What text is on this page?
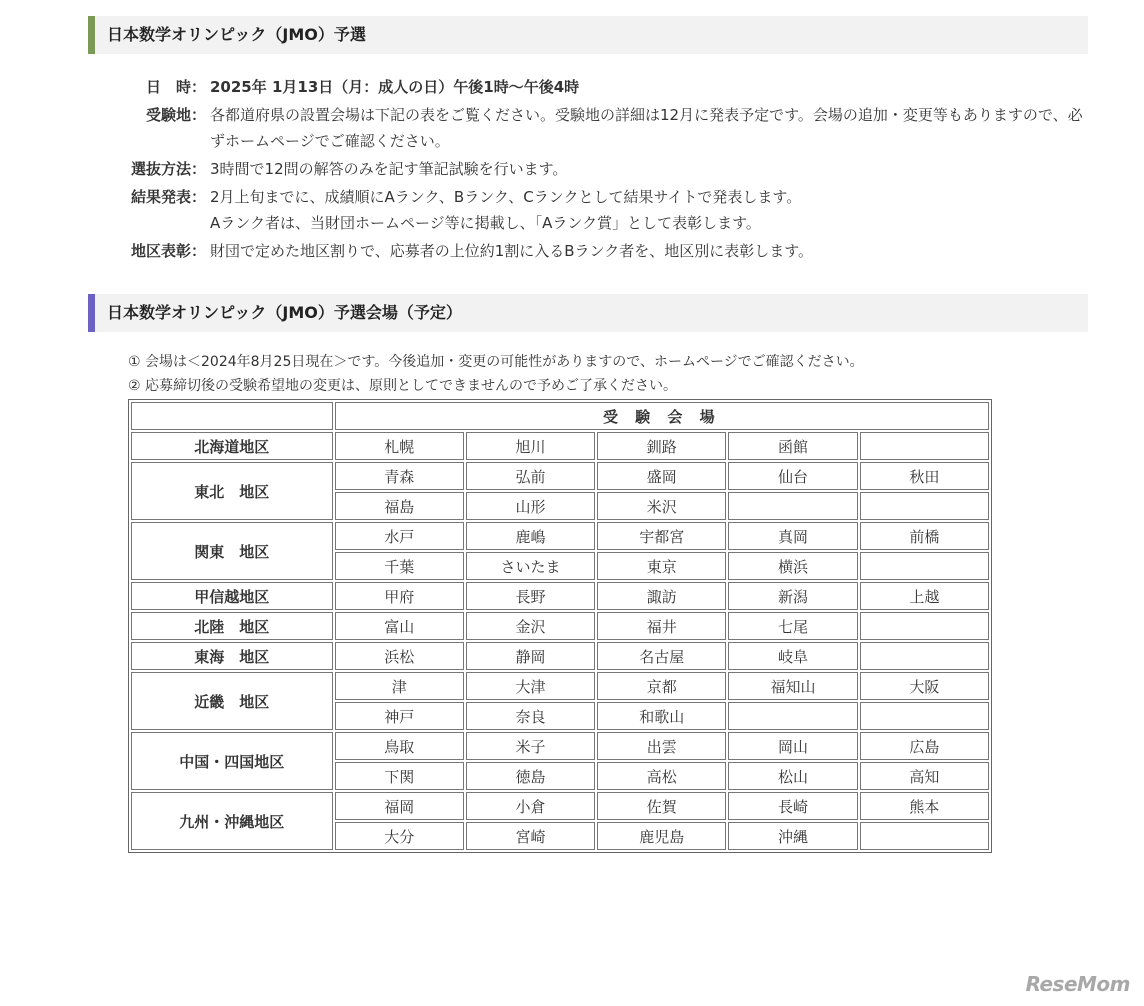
日本数学オリンピック（JMO）予選
日　時： 2025年 1月13日（月：成人の日）午後1時〜午後4時
受験地： 各都道府県の設置会場は下記の表をご覧ください。受験地の詳細は12月に発表予定です。会場の追加・変更等もありますので、必ずホームページでご確認ください。
選抜方法： 3時間で12問の解答のみを記す筆記試験を行います。
結果発表： 2月上旬までに、成績順にAランク、Bランク、Cランクとして結果サイトで発表します。
Aランク者は、当財団ホームページ等に掲載し、「Aランク賞」として表彰します。
地区表彰： 財団で定めた地区割りで、応募者の上位約1割に入るBランク者を、地区別に表彰します。
日本数学オリンピック（JMO）予選会場（予定）
① 会場は＜2024年8月25日現在＞です。今後追加・変更の可能性がありますので、ホームページでご確認ください。
② 応募締切後の受験希望地の変更は、原則としてできませんので予めご了承ください。
	受 験 会 場				
北海道地区	札幌	旭川	釧路	函館	
東北　地区	青森	弘前	盛岡	仙台	秋田
	福島	山形	米沢		
関東　地区	水戸	鹿嶋	宇都宮	真岡	前橋
	千葉	さいたま	東京	横浜	
甲信越地区	甲府	長野	諏訪	新潟	上越
北陸　地区	富山	金沢	福井	七尾	
東海　地区	浜松	静岡	名古屋	岐阜	
近畿　地区	津	大津	京都	福知山	大阪
	神戸	奈良	和歌山		
中国・四国地区	鳥取	米子	出雲	岡山	広島
	下関	徳島	高松	松山	高知
九州・沖縄地区	福岡	小倉	佐賀	長崎	熊本
	大分	宮崎	鹿児島	沖縄	
ReseMom
